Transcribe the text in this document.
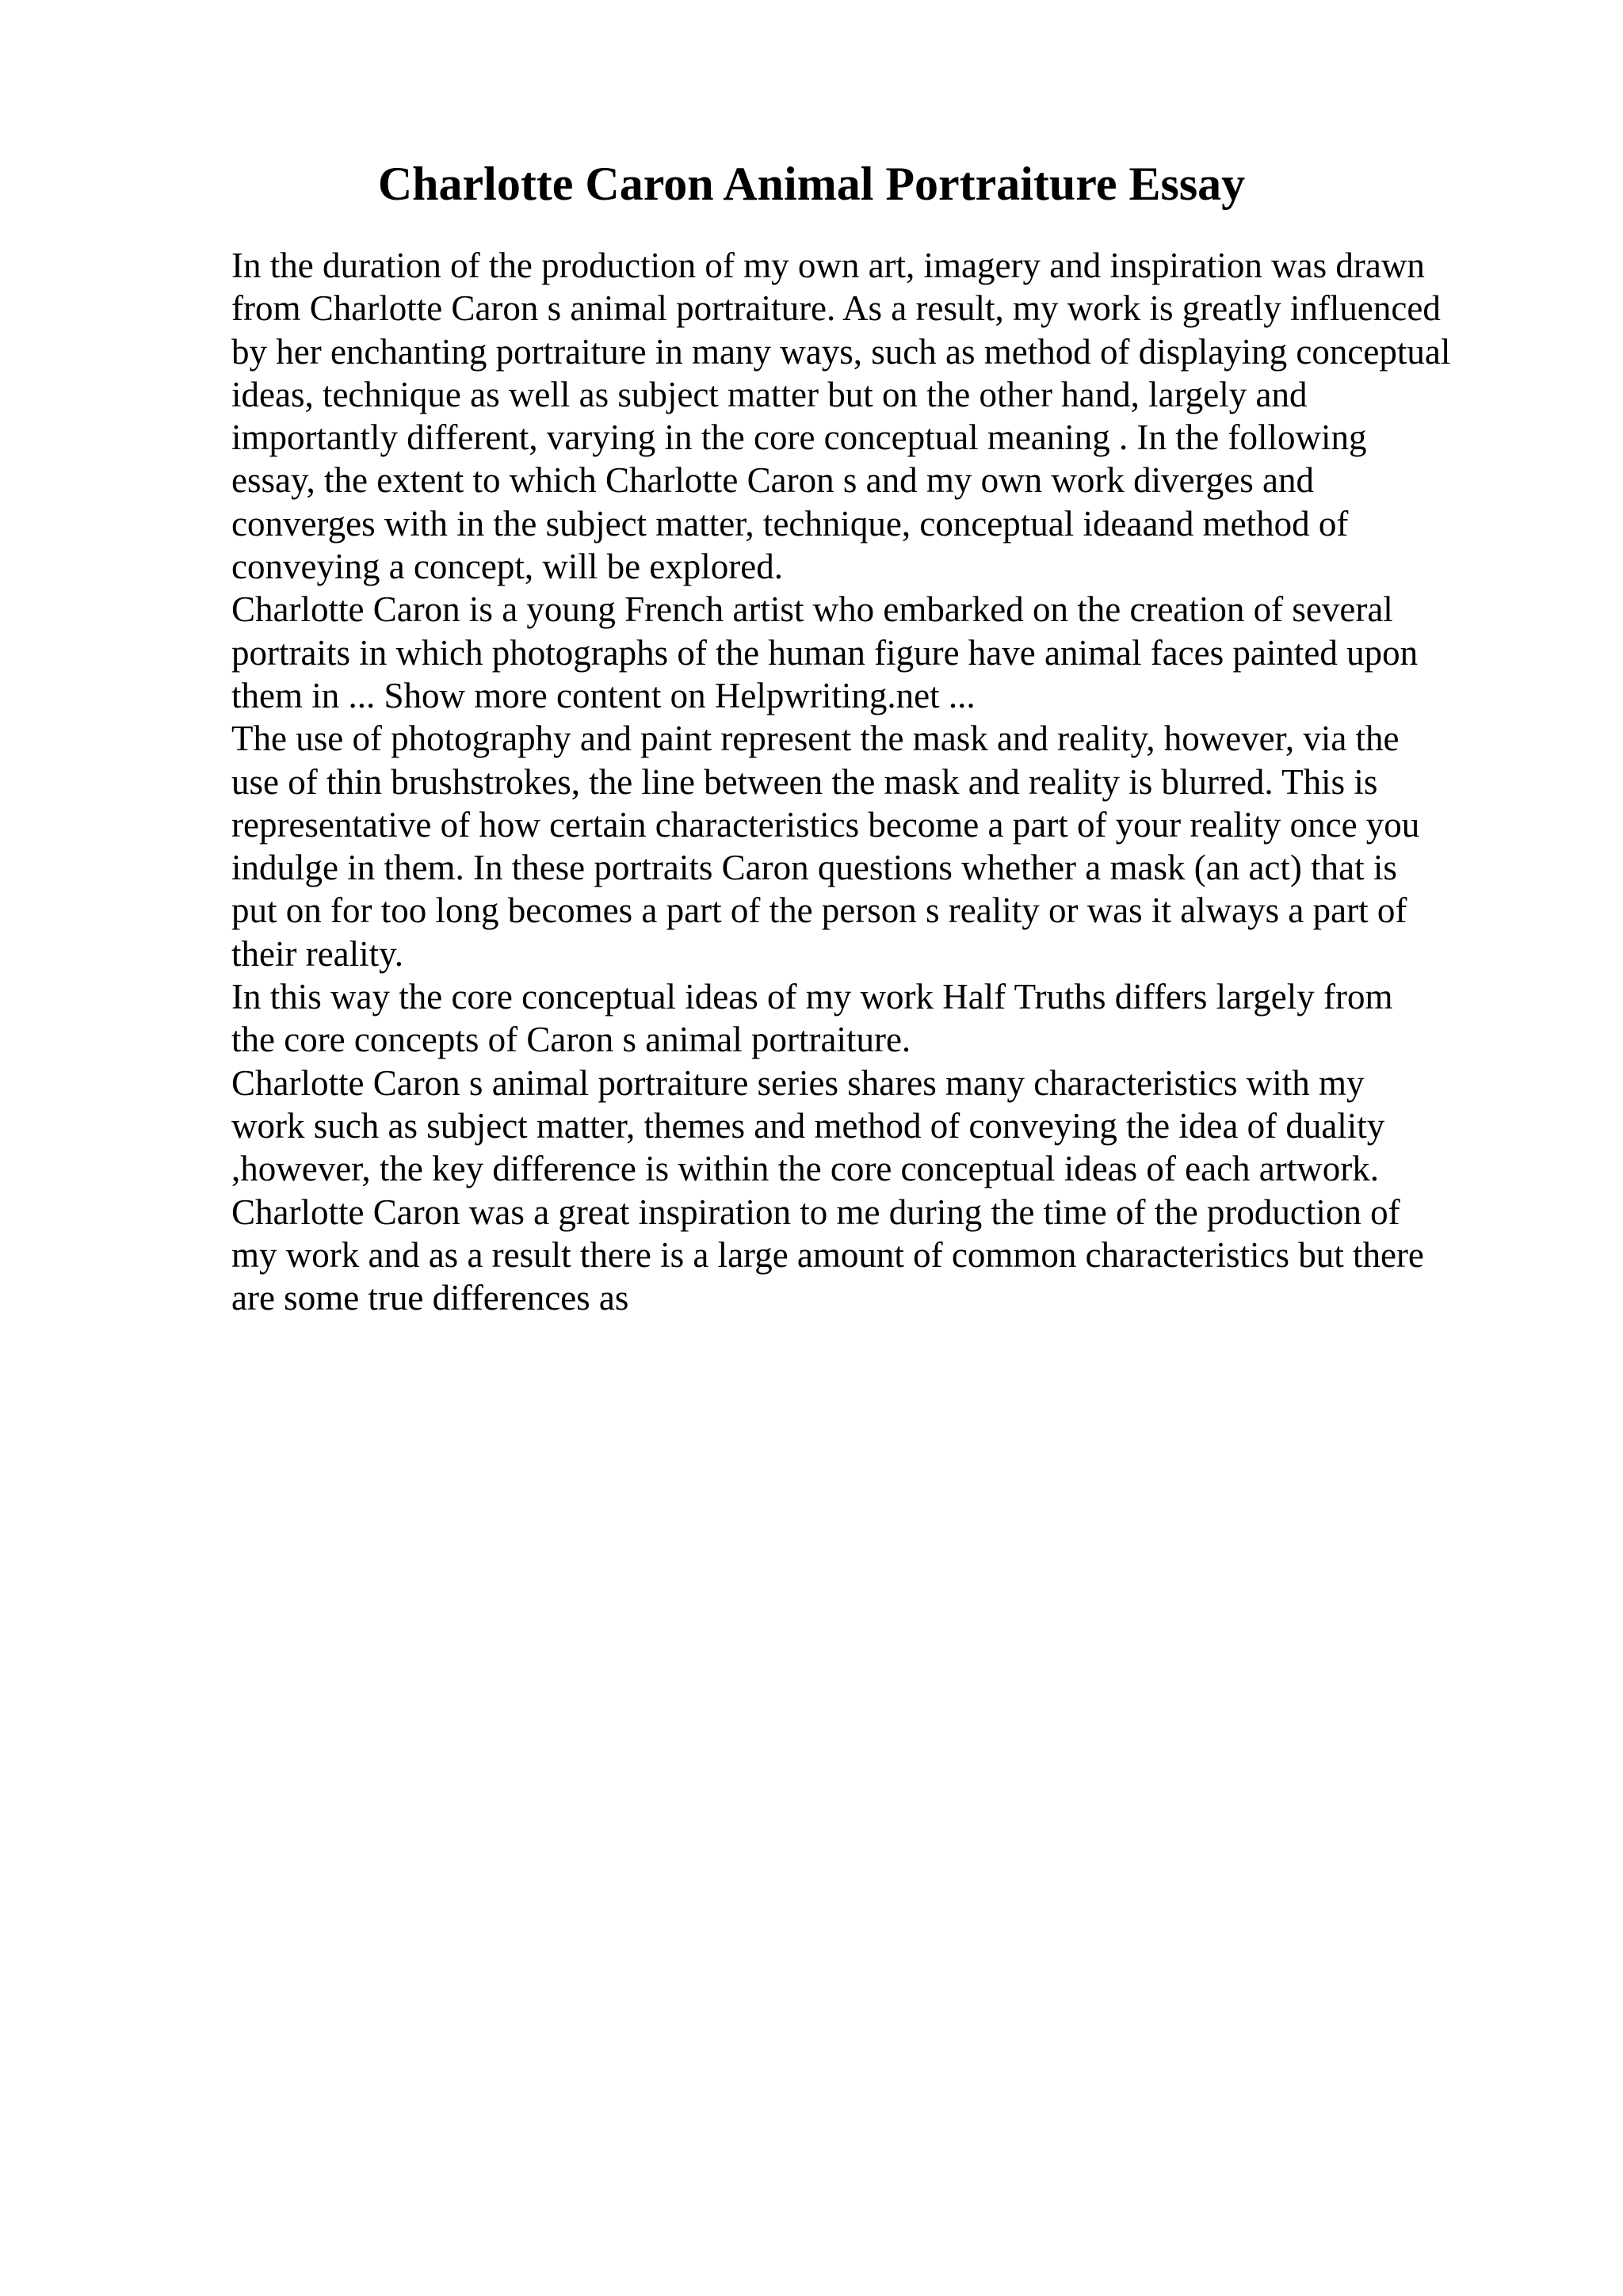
Charlotte Caron Animal Portraiture Essay
In the duration of the production of my own art, imagery and inspiration was drawn
from Charlotte Caron s animal portraiture. As a result, my work is greatly influenced
by her enchanting portraiture in many ways, such as method of displaying conceptual
ideas, technique as well as subject matter but on the other hand, largely and
importantly different, varying in the core conceptual meaning . In the following
essay, the extent to which Charlotte Caron s and my own work diverges and
converges with in the subject matter, technique, conceptual ideaand method of
conveying a concept, will be explored.
Charlotte Caron is a young French artist who embarked on the creation of several
portraits in which photographs of the human figure have animal faces painted upon
them in ... Show more content on Helpwriting.net ...
The use of photography and paint represent the mask and reality, however, via the
use of thin brushstrokes, the line between the mask and reality is blurred. This is
representative of how certain characteristics become a part of your reality once you
indulge in them. In these portraits Caron questions whether a mask (an act) that is
put on for too long becomes a part of the person s reality or was it always a part of
their reality.
In this way the core conceptual ideas of my work Half Truths differs largely from
the core concepts of Caron s animal portraiture.
Charlotte Caron s animal portraiture series shares many characteristics with my
work such as subject matter, themes and method of conveying the idea of duality
,however, the key difference is within the core conceptual ideas of each artwork.
Charlotte Caron was a great inspiration to me during the time of the production of
my work and as a result there is a large amount of common characteristics but there
are some true differences as
